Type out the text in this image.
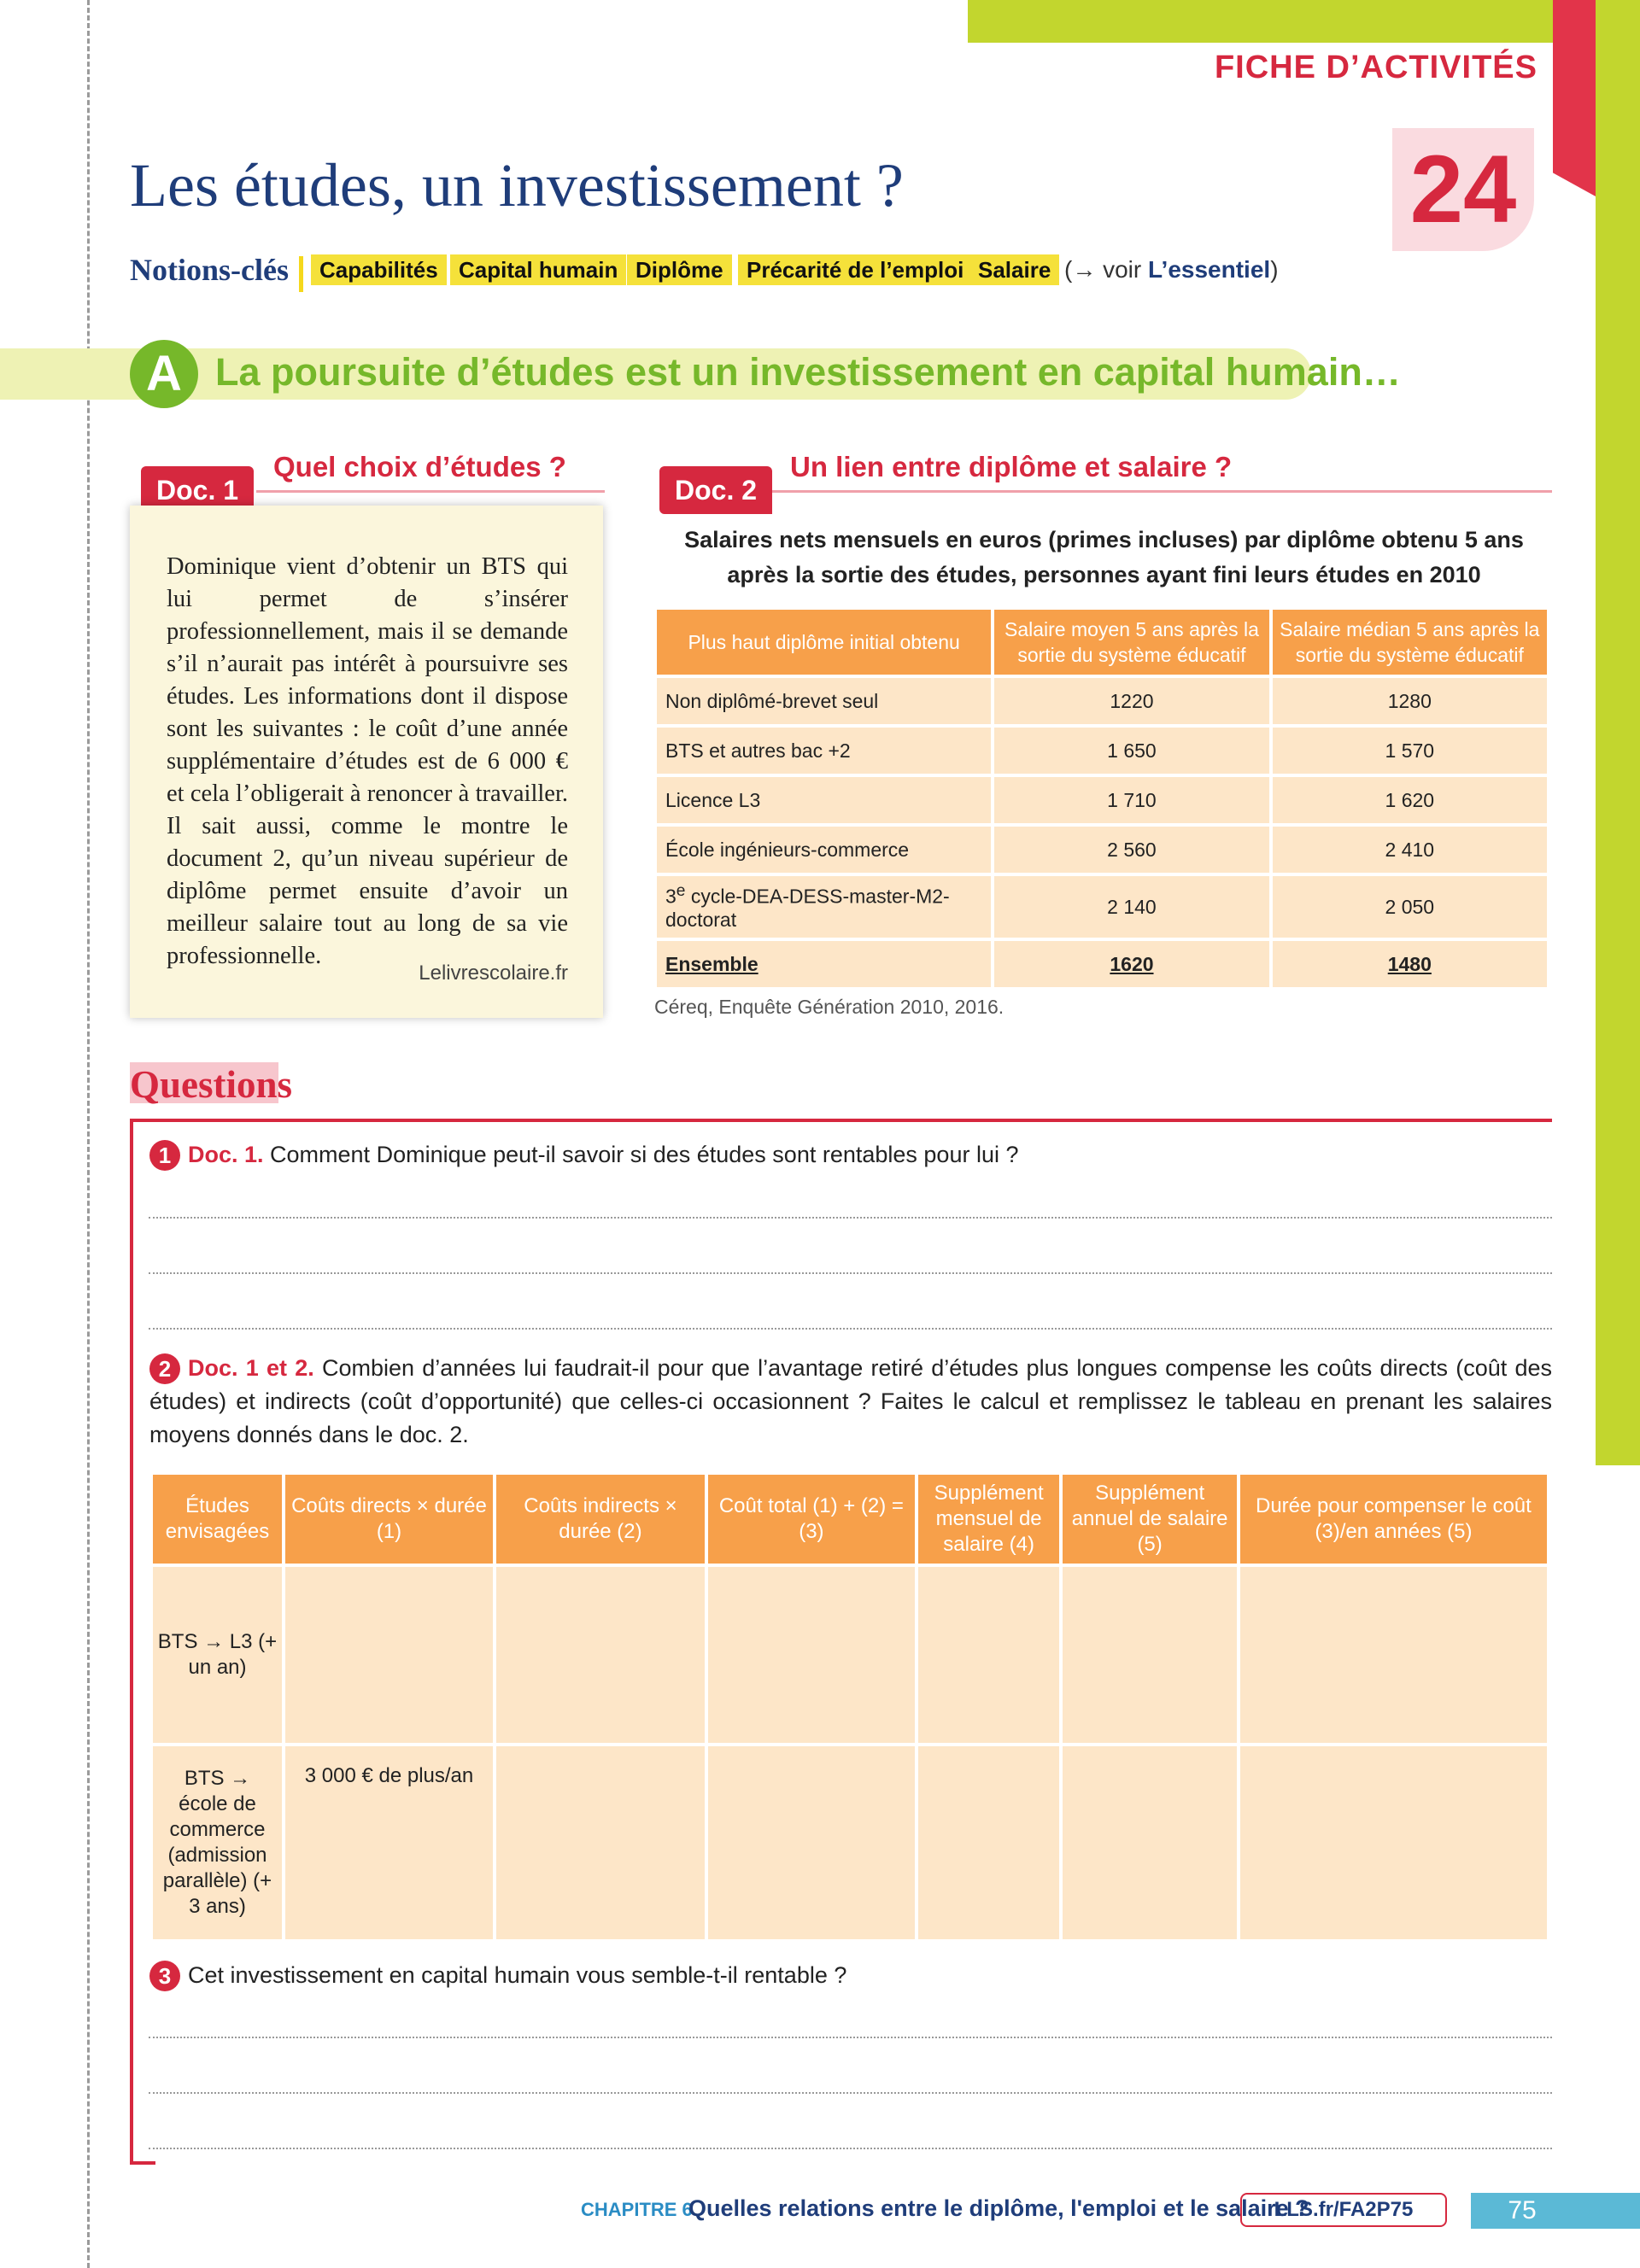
FICHE D’ACTIVITÉS
24
Les études, un investissement ?
Notions-clés	Capabilités Capital humain Diplôme	Précarité de l’emploi Salaire (→ voir L’essentiel)
A La poursuite d’études est un investissement en capital humain…
Doc. 1
Quel choix d’études ?
Dominique vient d’obtenir un BTS qui lui permet de s’insérer professionnellement, mais il se demande s’il n’aurait pas intérêt à poursuivre ses études. Les informations dont il dispose sont les suivantes : le coût d’une année supplémentaire d’études est de 6 000 € et cela l’obligerait à renoncer à travailler. Il sait aussi, comme le montre le document 2, qu’un niveau supérieur de diplôme permet ensuite d’avoir un meilleur salaire tout au long de sa vie professionnelle.
Lelivrescolaire.fr
Doc. 2
Un lien entre diplôme et salaire ?
Salaires nets mensuels en euros (primes incluses) par diplôme obtenu 5 ans
après la sortie des études, personnes ayant fini leurs études en 2010
Plus haut diplôme initial obtenu	Salaire moyen 5 ans après la sortie du système éducatif	Salaire médian 5 ans après la sortie du système éducatif
Non diplômé-brevet seul	1220	1280
BTS et autres bac +2	1 650	1 570
Licence L3	1 710	1 620
École ingénieurs-commerce	2 560	2 410
3e cycle-DEA-DESS-master-M2-doctorat	2 140	2 050
Ensemble	1620	1480
Céreq, Enquête Génération 2010, 2016.
Questions
1 Doc. 1. Comment Dominique peut-il savoir si des études sont rentables pour lui ?
2 Doc. 1 et 2. Combien d’années lui faudrait-il pour que l’avantage retiré d’études plus longues compense les coûts directs (coût des études) et indirects (coût d’opportunité) que celles-ci occasionnent ? Faites le calcul et remplissez le tableau en prenant les salaires moyens donnés dans le doc. 2.
Études envisagées	Coûts directs × durée (1)	Coûts indirects × durée (2)	Coût total (1) + (2) = (3)	Supplément mensuel de salaire (4)	Supplément annuel de salaire (5)	Durée pour compenser le coût (3)/en années (5)
BTS → L3 (+ un an)						
BTS → école de commerce (admission parallèle) (+ 3 ans)	3 000 € de plus/an					
3 Cet investissement en capital humain vous semble-t-il rentable ?
CHAPITRE 6
Quelles relations entre le diplôme, l'emploi et le salaire ?
LLS.fr/FA2P75	75
